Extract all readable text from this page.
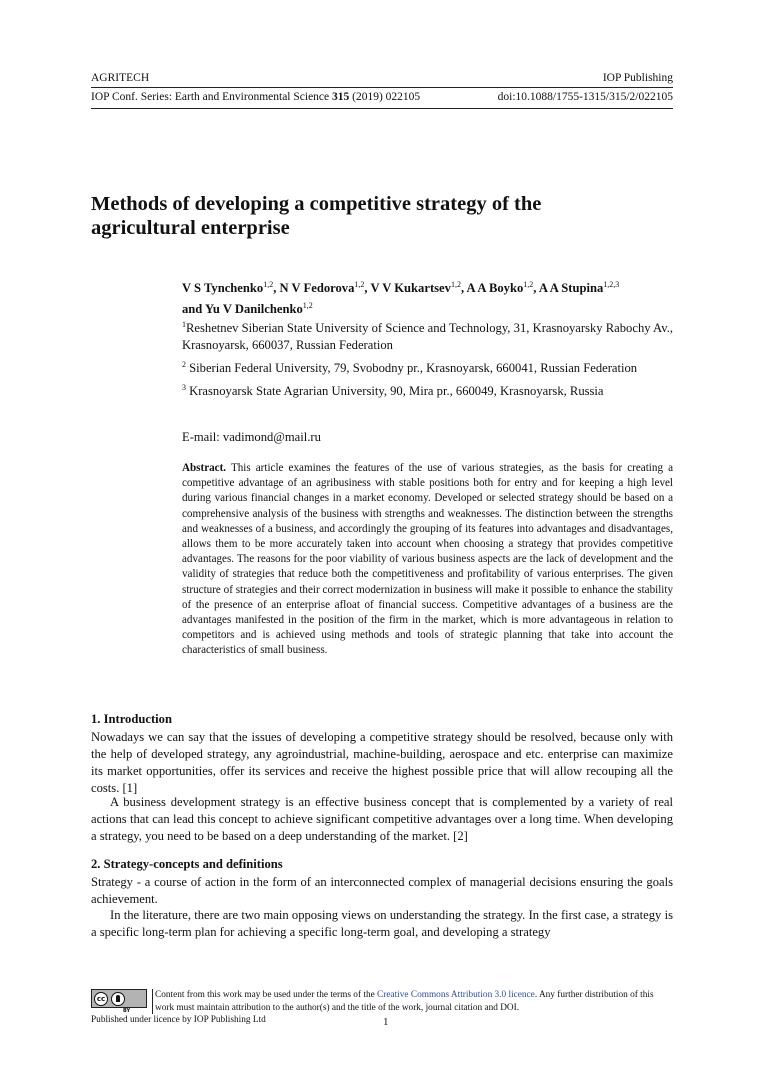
AGRITECH	IOP Publishing
IOP Conf. Series: Earth and Environmental Science 315 (2019) 022105	doi:10.1088/1755-1315/315/2/022105
Methods of developing a competitive strategy of the agricultural enterprise
V S Tynchenko$^{1,2}$, N V Fedorova$^{1,2}$, V V Kukartsev$^{1,2}$, A A Boyko$^{1,2}$, A A Stupina$^{1,2,3}$
and Yu V Danilchenko$^{1,2}$

$^1$Reshetnev Siberian State University of Science and Technology, 31, Krasnoyarsky Rabochy Av., Krasnoyarsk, 660037, Russian Federation

$^2$ Siberian Federal University, 79, Svobodny pr., Krasnoyarsk, 660041, Russian Federation

$^3$ Krasnoyarsk State Agrarian University, 90, Mira pr., 660049, Krasnoyarsk, Russia

E-mail: vadimond@mail.ru
Abstract. This article examines the features of the use of various strategies, as the basis for creating a competitive advantage of an agribusiness with stable positions both for entry and for keeping a high level during various financial changes in a market economy. Developed or selected strategy should be based on a comprehensive analysis of the business with strengths and weaknesses. The distinction between the strengths and weaknesses of a business, and accordingly the grouping of its features into advantages and disadvantages, allows them to be more accurately taken into account when choosing a strategy that provides competitive advantages. The reasons for the poor viability of various business aspects are the lack of development and the validity of strategies that reduce both the competitiveness and profitability of various enterprises. The given structure of strategies and their correct modernization in business will make it possible to enhance the stability of the presence of an enterprise afloat of financial success. Competitive advantages of a business are the advantages manifested in the position of the firm in the market, which is more advantageous in relation to competitors and is achieved using methods and tools of strategic planning that take into account the characteristics of small business.
1. Introduction

Nowadays we can say that the issues of developing a competitive strategy should be resolved, because only with the help of developed strategy, any agroindustrial, machine-building, aerospace and etc. enterprise can maximize its market opportunities, offer its services and receive the highest possible price that will allow recouping all the costs. [1]

A business development strategy is an effective business concept that is complemented by a variety of real actions that can lead this concept to achieve significant competitive advantages over a long time. When developing a strategy, you need to be based on a deep understanding of the market. [2]

2. Strategy-concepts and definitions

Strategy - a course of action in the form of an interconnected complex of managerial decisions ensuring the goals achievement.

In the literature, there are two main opposing views on understanding the strategy. In the first case, a strategy is a specific long-term plan for achieving a specific long-term goal, and developing a strategy

cc
BY
Content from this work may be used under the terms of the Creative Commons Attribution 3.0 licence. Any further distribution of this work must maintain attribution to the author(s) and the title of the work, journal citation and DOI.
Published under licence by IOP Publishing Ltd	1
